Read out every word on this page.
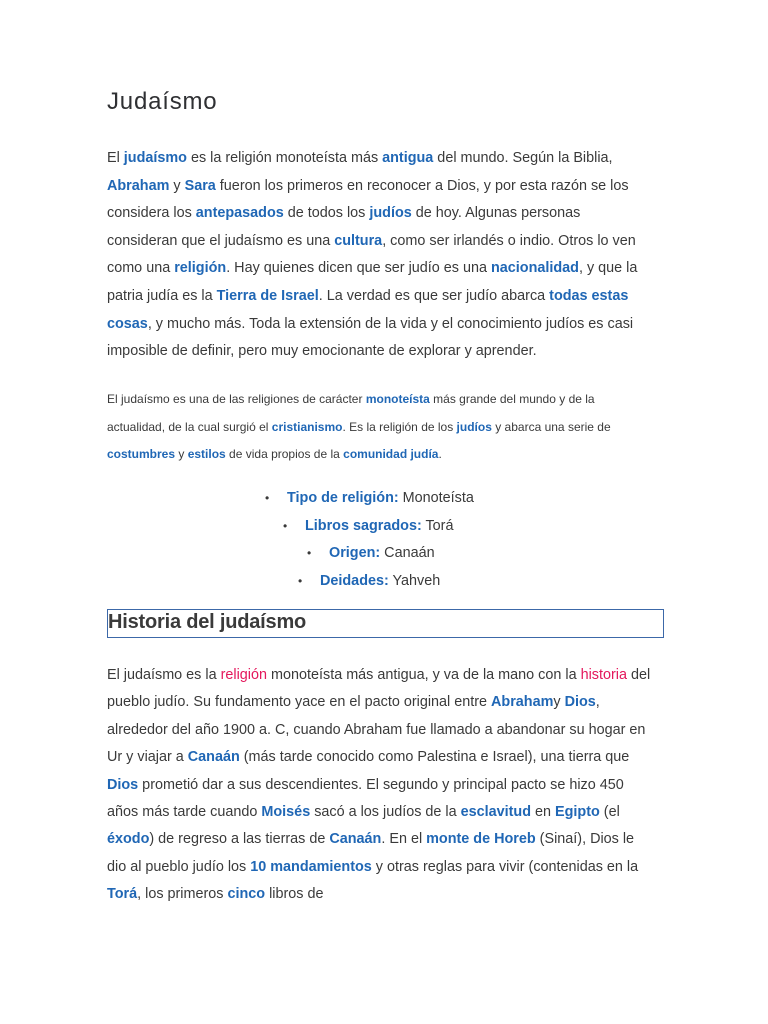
Judaísmo

El judaísmo es la religión monoteísta más antigua del mundo. Según la Biblia, Abraham y Sara fueron los primeros en reconocer a Dios, y por esta razón se los considera los antepasados de todos los judíos de hoy. Algunas personas consideran que el judaísmo es una cultura, como ser irlandés o indio. Otros lo ven como una religión. Hay quienes dicen que ser judío es una nacionalidad, y que la patria judía es la Tierra de Israel. La verdad es que ser judío abarca todas estas cosas, y mucho más. Toda la extensión de la vida y el conocimiento judíos es casi imposible de definir, pero muy emocionante de explorar y aprender.

El judaísmo es una de las religiones de carácter monoteísta más grande del mundo y de la actualidad, de la cual surgió el cristianismo. Es la religión de los judíos y abarca una serie de costumbres y estilos de vida propios de la comunidad judía.

• Tipo de religión: Monoteísta
• Libros sagrados: Torá
• Origen: Canaán
• Deidades: Yahveh
Historia del judaísmo

El judaísmo es la religión monoteísta más antigua, y va de la mano con la historia del pueblo judío. Su fundamento yace en el pacto original entre Abrahamy Dios, alrededor del año 1900 a. C, cuando Abraham fue llamado a abandonar su hogar en Ur y viajar a Canaán (más tarde conocido como Palestina e Israel), una tierra que Dios prometió dar a sus descendientes. El segundo y principal pacto se hizo 450 años más tarde cuando Moisés sacó a los judíos de la esclavitud en Egipto (el éxodo) de regreso a las tierras de Canaán. En el monte de Horeb (Sinaí), Dios le dio al pueblo judío los 10 mandamientos y otras reglas para vivir (contenidas en la Torá, los primeros cinco libros de
